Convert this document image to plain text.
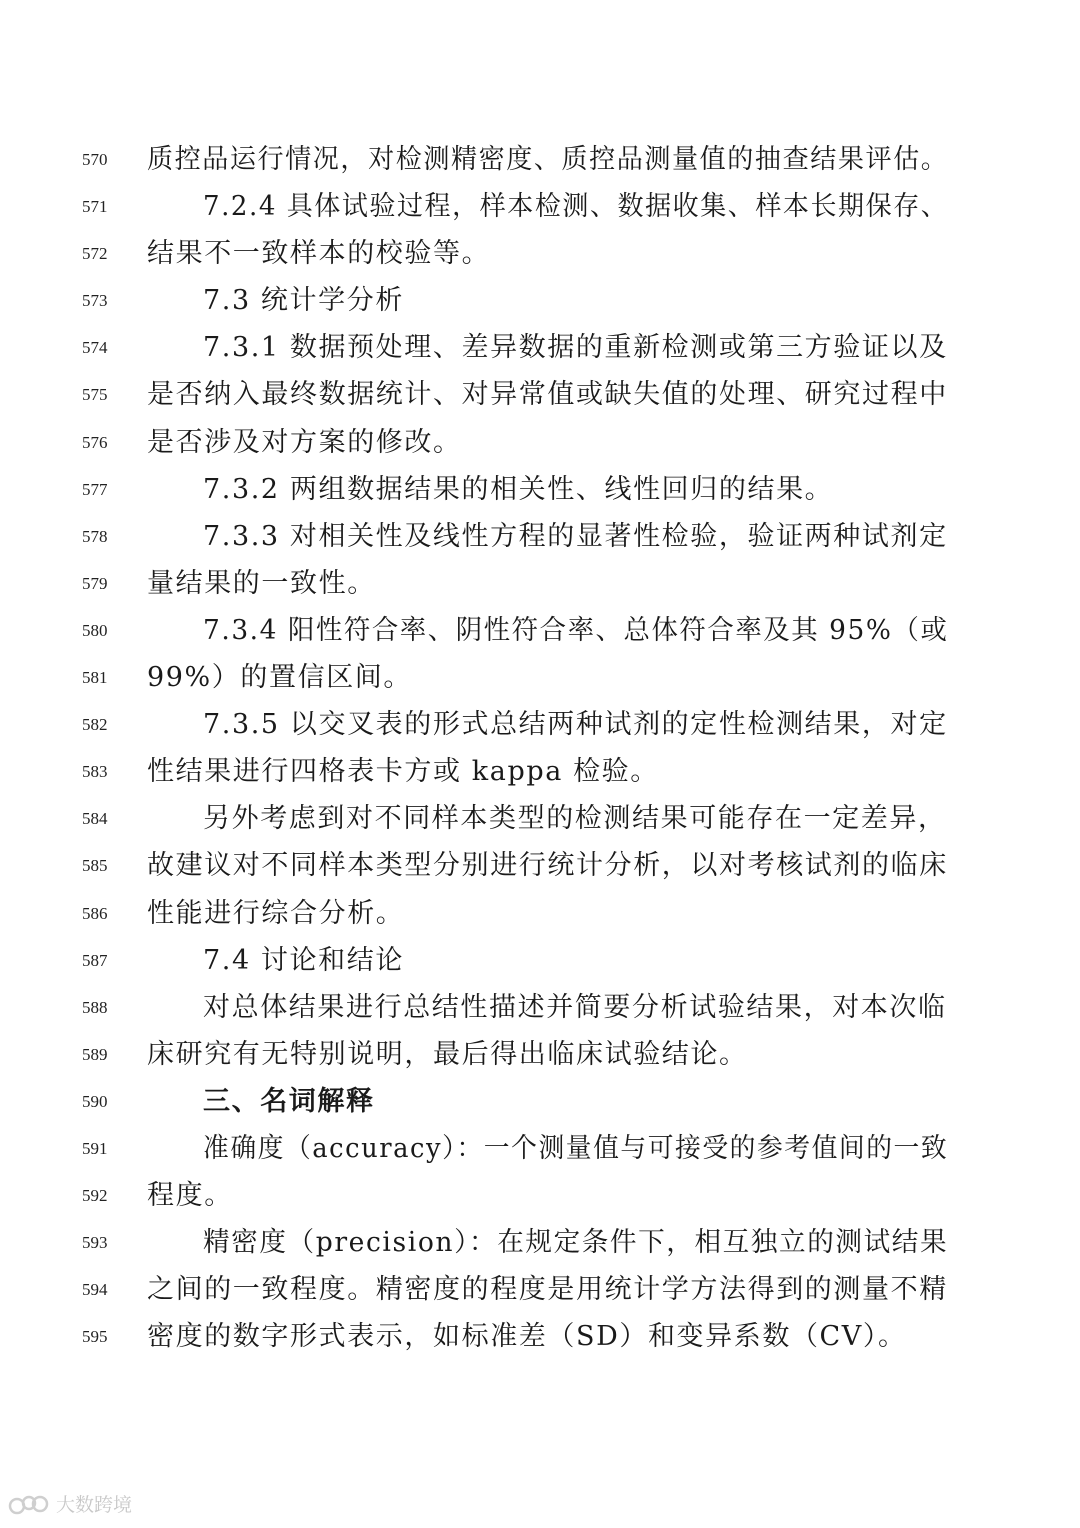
570 质控品运行情况，对检测精密度、质控品测量值的抽查结果评估。
571	7.2.4 具体试验过程，样本检测、数据收集、样本长期保存、
572 结果不一致样本的校验等。
573	7.3 统计学分析
574	7.3.1 数据预处理、差异数据的重新检测或第三方验证以及
575 是否纳入最终数据统计、对异常值或缺失值的处理、研究过程中
576 是否涉及对方案的修改。
577	7.3.2 两组数据结果的相关性、线性回归的结果。
578	7.3.3 对相关性及线性方程的显著性检验，验证两种试剂定
579 量结果的一致性。
580	7.3.4 阳性符合率、阴性符合率、总体符合率及其 95%（或
581 99%）的置信区间。
582	7.3.5 以交叉表的形式总结两种试剂的定性检测结果，对定
583 性结果进行四格表卡方或 kappa 检验。
584	另外考虑到对不同样本类型的检测结果可能存在一定差异，
585 故建议对不同样本类型分别进行统计分析，以对考核试剂的临床
586 性能进行综合分析。
587	7.4 讨论和结论
588	对总体结果进行总结性描述并简要分析试验结果，对本次临
589 床研究有无特别说明，最后得出临床试验结论。
590	三、名词解释
591	准确度（accuracy）：一个测量值与可接受的参考值间的一致
592 程度。
593	精密度（precision）：在规定条件下，相互独立的测试结果
594 之间的一致程度。精密度的程度是用统计学方法得到的测量不精
595 密度的数字形式表示，如标准差（SD）和变异系数（CV）。
大数跨境
